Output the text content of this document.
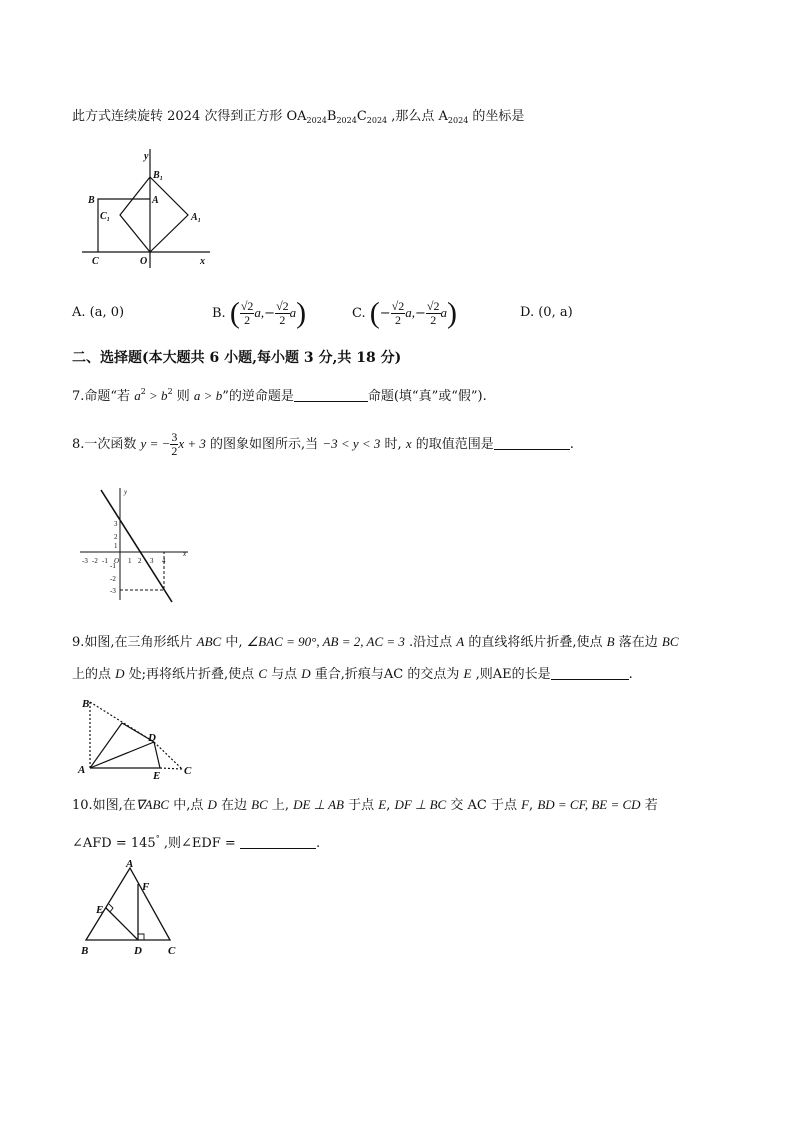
此方式连续旋转 2024 次得到正方形 $OA_{2024}B_{2024}C_{2024}$ ,那么点 $A_{2024}$ 的坐标是
y
B
B₁
A
C₁	A₁
C	O	x
A. (a, 0)	B. ( $\frac{√2}{2} a,- \frac{√2}{2} a$)	C. (− $\frac{√2}{2} a,- \frac{√2}{2} a$)	D. (0, a)
二、选择题(本大题共 6 小题,每小题 3 分,共 18 分)
7.命题“若 $a^2 > b^2$ 则 a > b”的逆命题是	命题(填“真”或“假”).
8.一次函数 y = − $\frac{3}{2}$ x + 3 的图象如图所示,当 −3 < y < 3 时, x 的取值范围是	.
y
3
2
1
-3 -2 -1 O 1 2 3 4
x
-1
-2
-3
9.如图,在三角形纸片 ABC 中, ∠BAC = 90°, AB = 2, AC = 3 .沿过点 A 的直线将纸片折叠,使点 B 落在边 BC
上的点 D 处;再将纸片折叠,使点 C 与点 D 重合,折痕与AC 的交点为 E ,则AE的长是	.
B
D
A	E C
10.如图,在∇ABC 中,点 D 在边 BC 上, DE ⊥ AB 于点 E, DF ⊥ BC 交 AC 于点 F, BD = CF, BE = CD 若
∠AFD = 145° ,则∠EDF =	.
A
F
E
B	D C
